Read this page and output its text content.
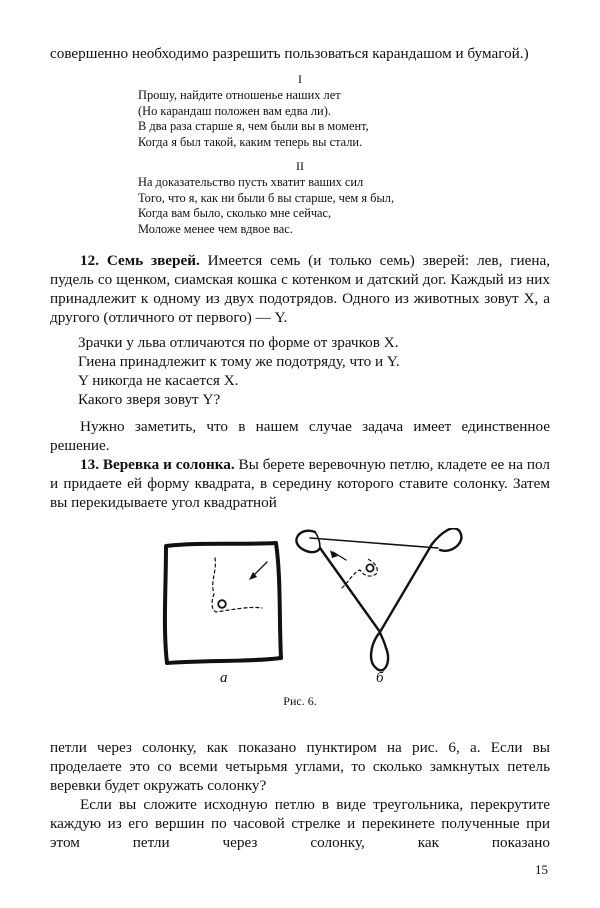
совершенно необходимо разрешить пользоваться карандашом и бумагой.)

I

Прошу, найдите отношенье наших лет

(Но карандаш положен вам едва ли).

В два раза старше я, чем были вы в момент,

Когда я был такой, каким теперь вы стали.

II

На доказательство пусть хватит ваших сил

Того, что я, как ни были б вы старше, чем я был,

Когда вам было, сколько мне сейчас,

Моложе менее чем вдвое вас.

12. Семь зверей. Имеется семь (и только семь) зверей: лев, гиена, пудель со щенком, сиамская кошка с котенком и датский дог. Каждый из них принадлежит к одному из двух подотрядов. Одного из животных зовут X, а другого (отличного от первого) — Y.

Зрачки у льва отличаются по форме от зрачков X.

Гиена принадлежит к тому же подотряду, что и Y.

Y никогда не касается X.

Какого зверя зовут Y?

Нужно заметить, что в нашем случае задача имеет единственное решение.

13. Веревка и солонка. Вы берете веревочную петлю, кладете ее на пол и придаете ей форму квадрата, в середину которого ставите солонку. Затем вы перекидываете угол квадратной

а	б
Рис. 6.

петли через солонку, как показано пунктиром на рис. 6, а. Если вы проделаете это со всеми четырьмя углами, то сколько замкнутых петель веревки будет окружать солонку?

Если вы сложите исходную петлю в виде треугольника, перекрутите каждую из его вершин по часовой стрелке и перекинете полученные при этом петли через солонку, как показано

15
